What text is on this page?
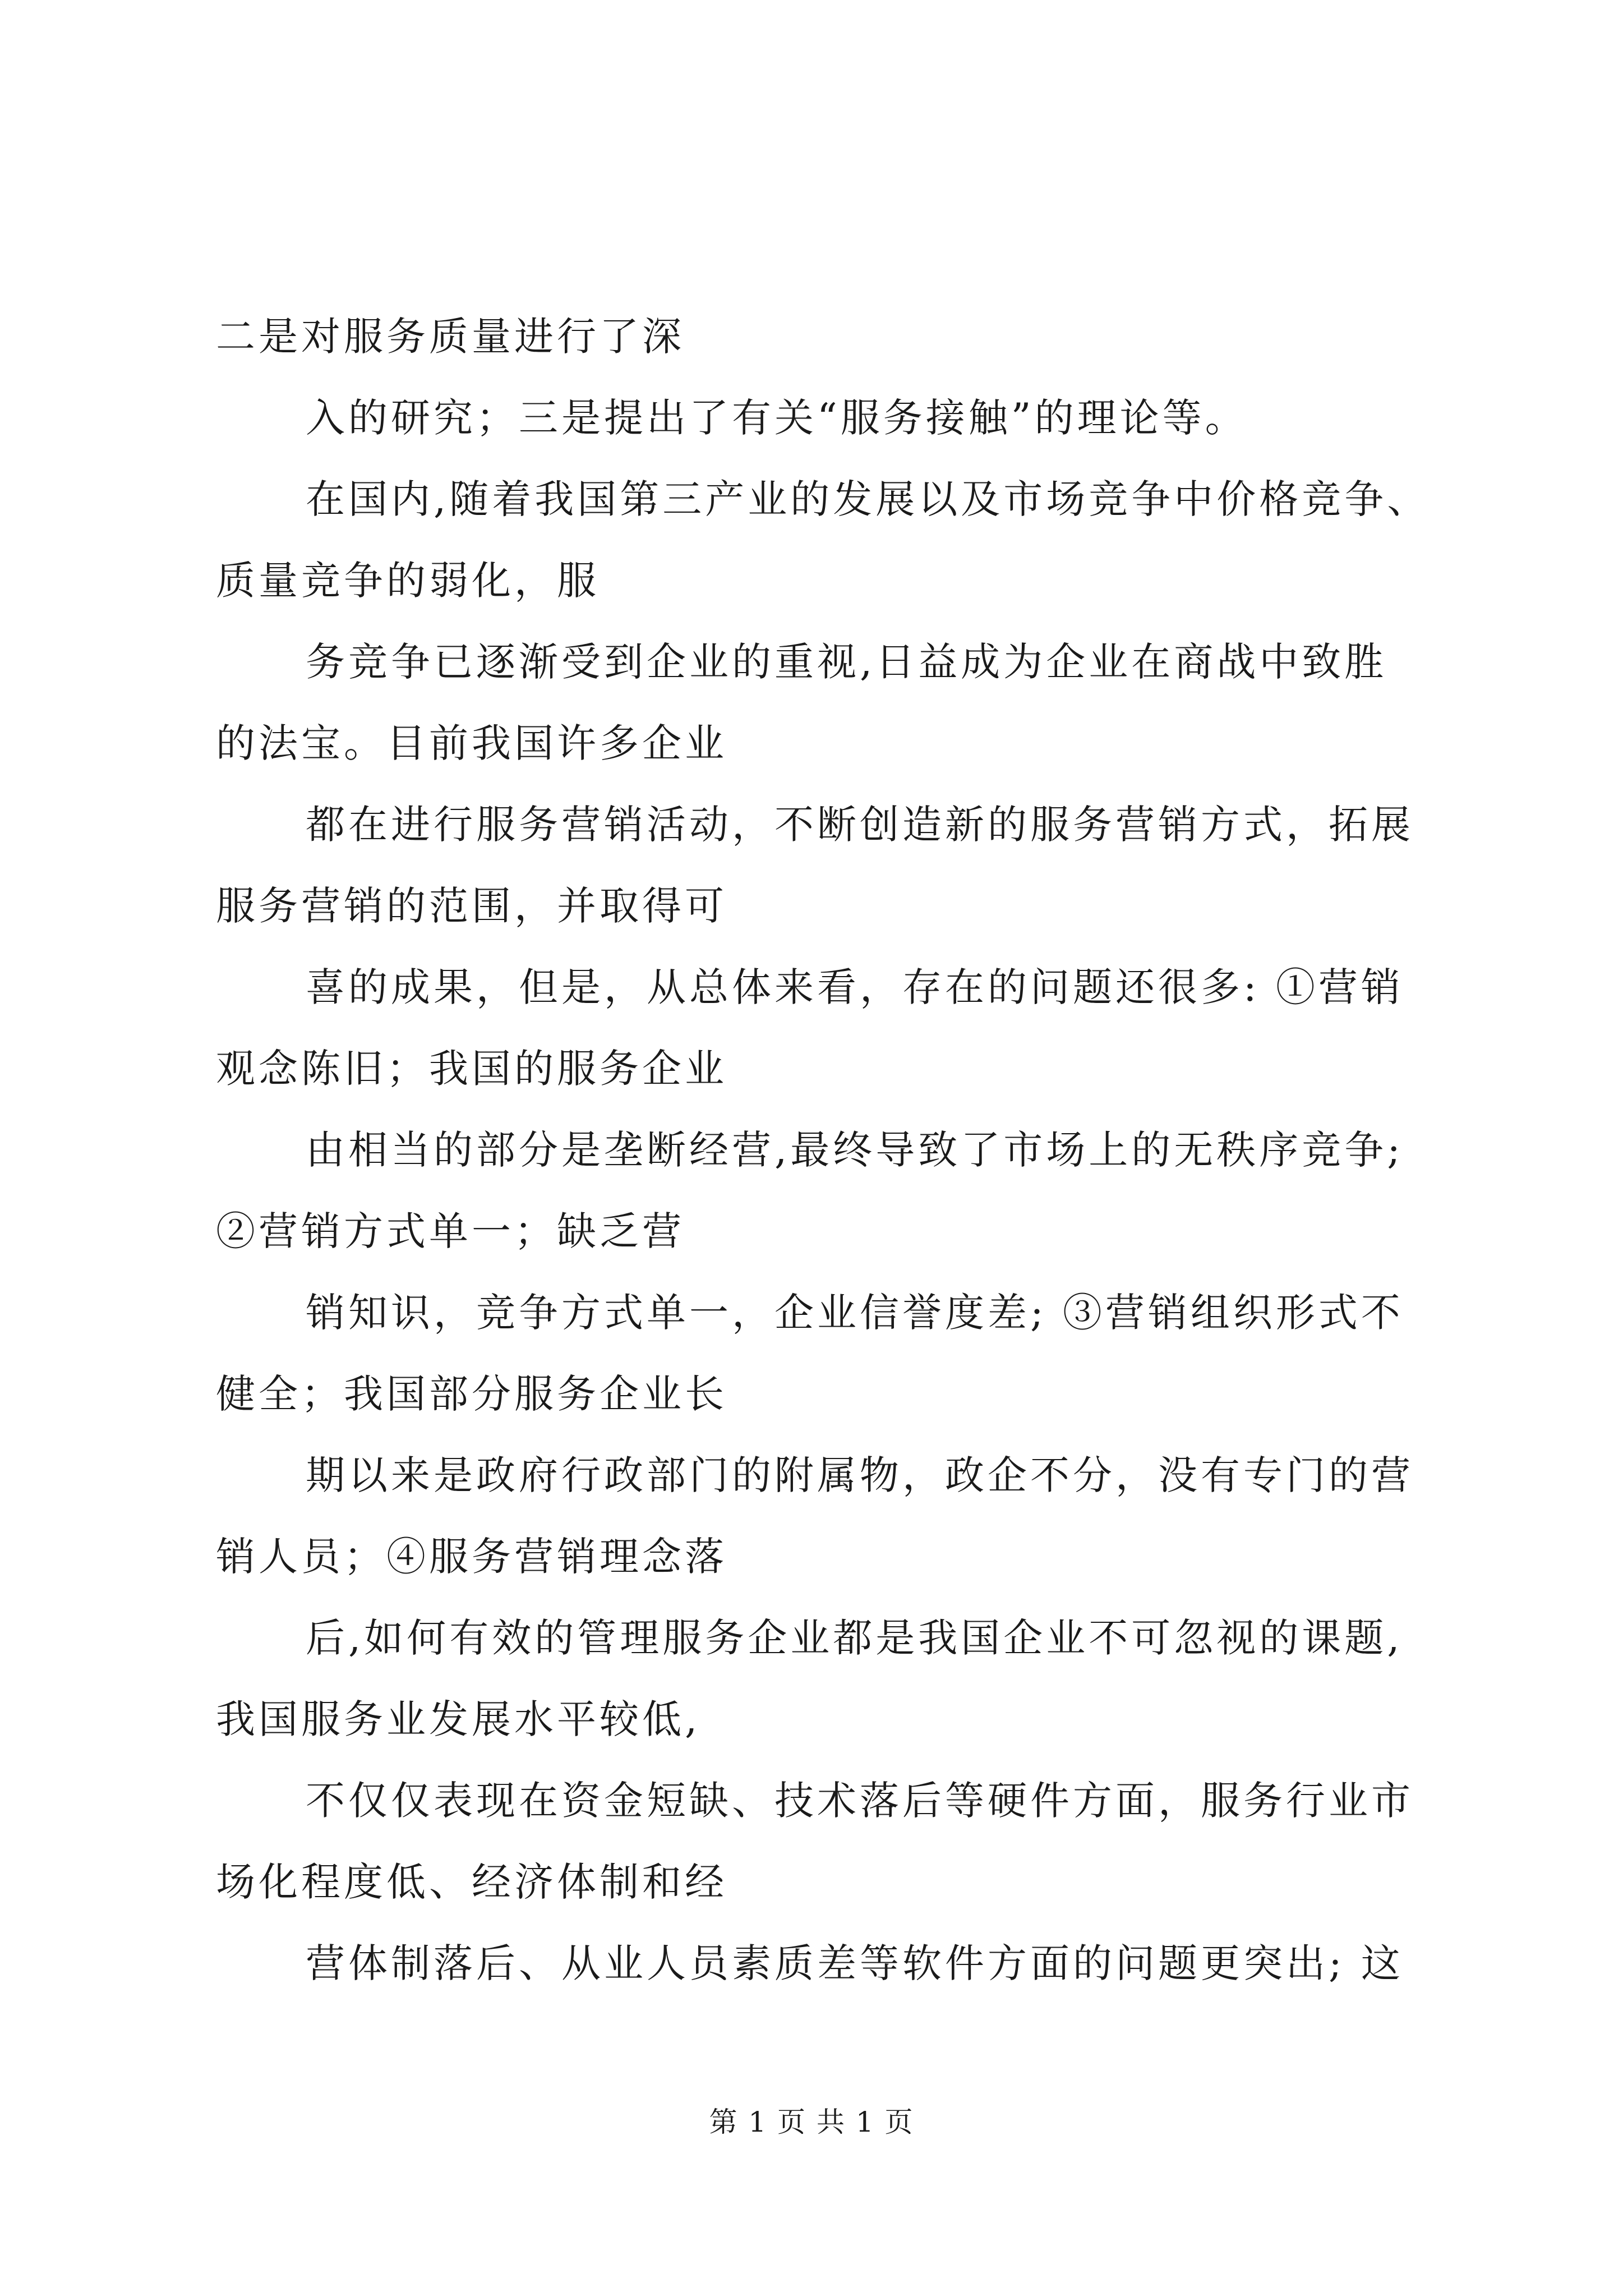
二是对服务质量进行了深

入的研究；三是提出了有关“服务接触”的理论等。

在国内,随着我国第三产业的发展以及市场竞争中价格竞争、

质量竞争的弱化，服

务竞争已逐渐受到企业的重视,日益成为企业在商战中致胜

的法宝。目前我国许多企业

都在进行服务营销活动，不断创造新的服务营销方式，拓展

服务营销的范围，并取得可

喜的成果，但是，从总体来看，存在的问题还很多: ①营销

观念陈旧；我国的服务企业

由相当的部分是垄断经营,最终导致了市场上的无秩序竞争;

②营销方式单一；缺乏营

销知识，竞争方式单一，企业信誉度差; ③营销组织形式不

健全；我国部分服务企业长

期以来是政府行政部门的附属物，政企不分，没有专门的营

销人员；④服务营销理念落

后,如何有效的管理服务企业都是我国企业不可忽视的课题,

我国服务业发展水平较低,

不仅仅表现在资金短缺、技术落后等硬件方面，服务行业市

场化程度低、经济体制和经

营体制落后、从业人员素质差等软件方面的问题更突出; 这

第 1 页 共 1 页
